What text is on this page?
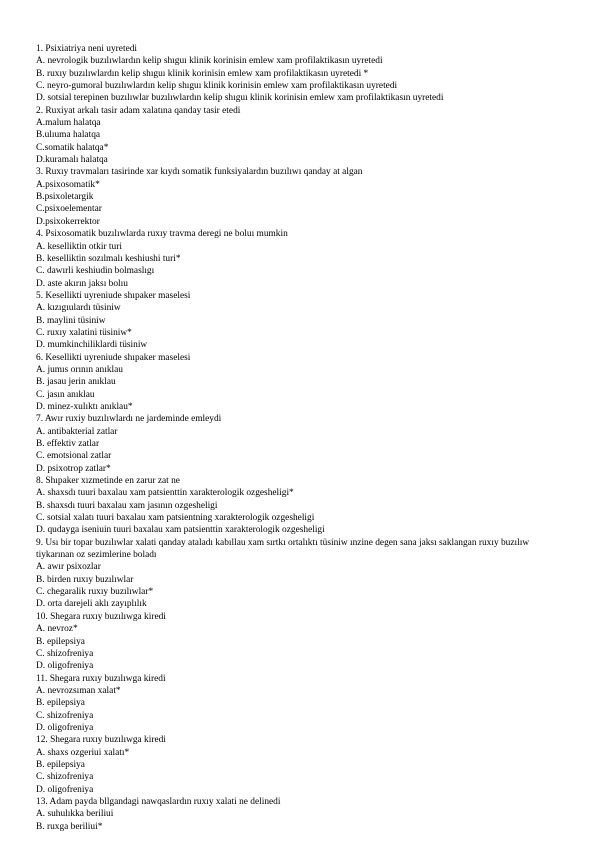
1. Psixiatriya neni uyretedi
A. nevrologik buzılıwlardın kelip shıguı klinik korinisin emlew xam profilaktikasın uyretedi
B. ruxıy buzılıwlardın kelip shıguı klinik korinisin emlew xam profilaktikasın uyretedi *
C. neyro-gumoral buzılıwlardın kelip shıguı klinik korinisin emlew xam profilaktikasın uyretedi
D. sotsial terepinen buzılıwlar buzılıwlardın kelip shıguı klinik korinisin emlew xam profilaktikasın uyretedi
2. Ruxiyat arkalı tasir adam xalatına qanday tasir etedi
A.malum halatqa
B.ulıuma halatqa
C.somatik halatqa*
D.kuramalı halatqa
3. Ruxıy travmaları tasirinde xar kıydı somatik funksiyalardın buzılıwı qanday at algan
A.psixosomatik*
B.psixoletargik
C.psixoelementar
D.psixokerrektor
4. Psixosomatik buzılıwlarda ruxıy travma deregi ne boluı mumkin
A. keselliktin otkir turi
B. keselliktin sozılmalı keshiushi turi*
C. dawırli keshiudin bolmaslıgı
D. aste akırın jaksı bolıu
5. Kesellikti uyreniude shıpaker maselesi
A. kızıgıulardı tüsiniw
B. maylini tüsiniw
C. ruxıy xalatini tüsiniw*
D. mumkinchiliklardi tüsiniw
6. Kesellikti uyreniude shıpaker maselesi
A. jumıs orının anıklau
B. jasau jerin anıklau
C. jasın anıklau
D. minez-xulıktı anıklau*
7. Awır ruxiy buzılıwlardı ne jardeminde emleydi
A. antibakterial zatlar
B. effektiv zatlar
C. emotsional zatlar
D. psixotrop zatlar*
8. Shıpaker xızmetinde en zarur zat ne
A. shaxsdı tuuri baxalau xam patsienttin xarakterologik ozgesheligi*
B. shaxsdı tuuri baxalau xam jasının ozgesheligi
C. sotsial xalatı tuuri baxalau xam patsientning xarakterologik ozgesheligi
D. qudayga iseniuin tuuri baxalau xam patsienttin xarakterologik ozgesheligi
9. Usı bir topar buzılıwlar xalati qanday ataladı kabıllau xam sırtkı ortalıktı tüsiniw ınzine degen sana jaksı saklangan ruxıy buzılıw tiykarınan oz sezimlerine boladı
A. awır psixozlar
B. birden ruxıy buzılıwlar
C. chegaralik ruxıy buzılıwlar*
D. orta darejeli aklı zayıplılık
10. Shegara ruxıy buzılıwga kiredi
A. nevroz*
B. epilepsiya
C. shizofreniya
D. oligofreniya
11. Shegara ruxıy buzılıwga kiredi
A. nevrozsıman xalat*
B. epilepsiya
C. shizofreniya
D. oligofreniya
12. Shegara ruxıy buzılıwga kiredi
A. shaxs ozgeriui xalatı*
B. epilepsiya
C. shizofreniya
D. oligofreniya
13. Adam payda bllgandagi nawqaslardın ruxıy xalati ne delinedi
A. suhulıkka beriliui
B. ruxga beriliui*
